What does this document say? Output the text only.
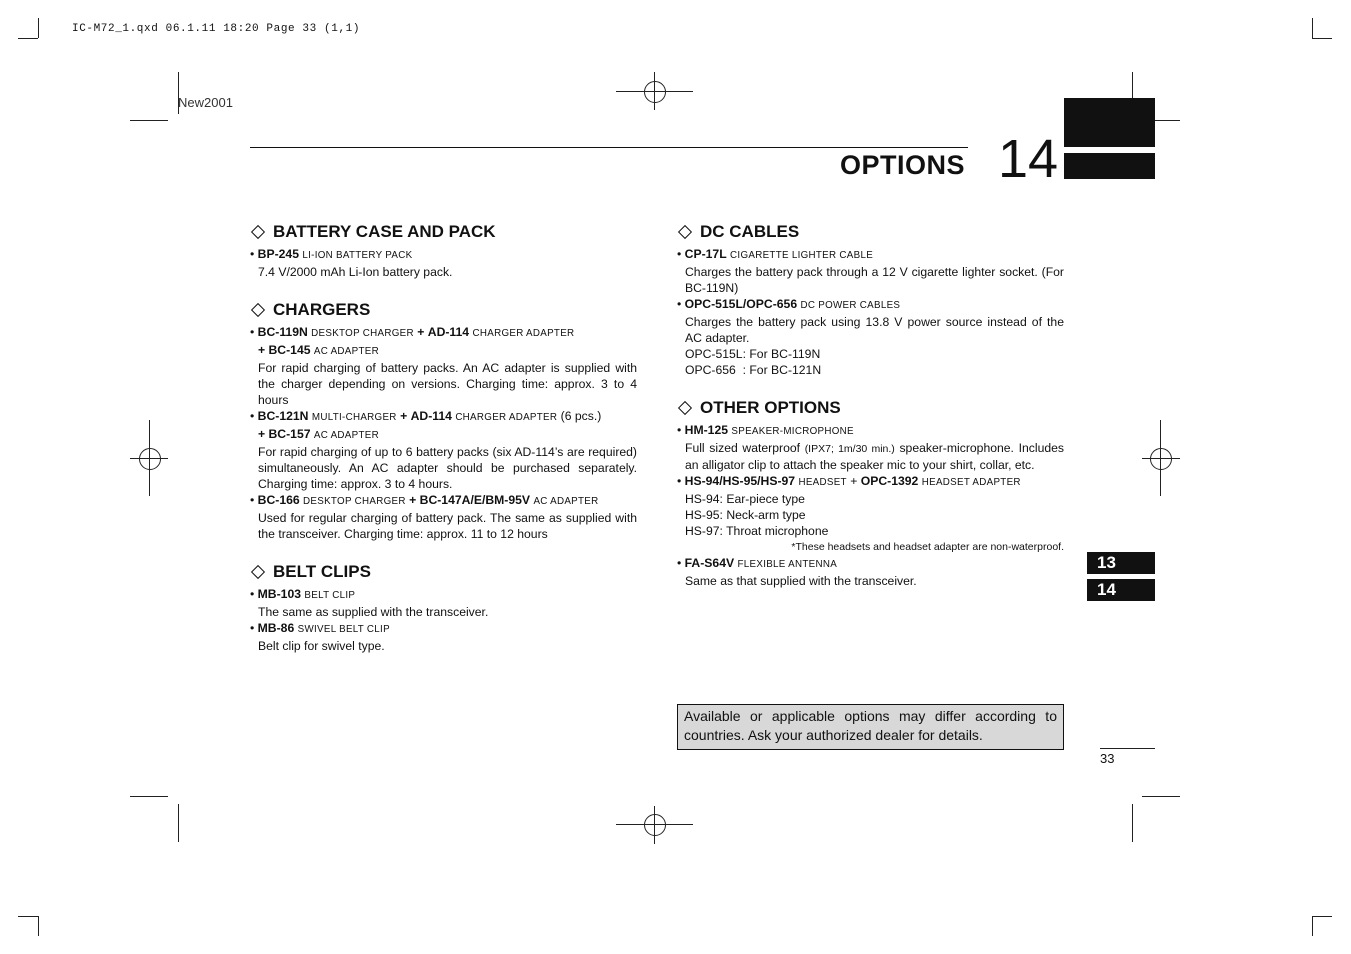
IC-M72_1.qxd 06.1.11 18:20 Page 33 (1,1)
New2001
OPTIONS 14
BATTERY CASE AND PACK
• BP-245 LI-ION BATTERY PACK
7.4 V/2000 mAh Li-Ion battery pack.
CHARGERS
• BC-119N DESKTOP CHARGER + AD-114 CHARGER ADAPTER
+ BC-145 AC ADAPTER
For rapid charging of battery packs. An AC adapter is supplied with the charger depending on versions. Charging time: approx. 3 to 4 hours
• BC-121N MULTI-CHARGER + AD-114 CHARGER ADAPTER (6 pcs.)
+ BC-157 AC ADAPTER
For rapid charging of up to 6 battery packs (six AD-114’s are required) simultaneously. An AC adapter should be purchased separately. Charging time: approx. 3 to 4 hours.
• BC-166 DESKTOP CHARGER + BC-147A/E/BM-95V AC ADAPTER
Used for regular charging of battery pack. The same as supplied with the transceiver. Charging time: approx. 11 to 12 hours
BELT CLIPS
• MB-103 BELT CLIP
The same as supplied with the transceiver.
• MB-86 SWIVEL BELT CLIP
Belt clip for swivel type.
DC CABLES
• CP-17L CIGARETTE LIGHTER CABLE
Charges the battery pack through a 12 V cigarette lighter socket. (For BC-119N)
• OPC-515L/OPC-656 DC POWER CABLES
Charges the battery pack using 13.8 V power source instead of the AC adapter.
OPC-515L: For BC-119N
OPC-656  : For BC-121N
OTHER OPTIONS
• HM-125 SPEAKER-MICROPHONE
Full sized waterproof (IPX7; 1m/30 min.) speaker-microphone. Includes an alligator clip to attach the speaker mic to your shirt, collar, etc.
• HS-94/HS-95/HS-97 HEADSET + OPC-1392 HEADSET ADAPTER
HS-94: Ear-piece type
HS-95: Neck-arm type
HS-97: Throat microphone
*These headsets and headset adapter are non-waterproof.
• FA-S64V FLEXIBLE ANTENNA
Same as that supplied with the transceiver.
13
14
Available or applicable options may differ according to countries. Ask your authorized dealer for details.
33
